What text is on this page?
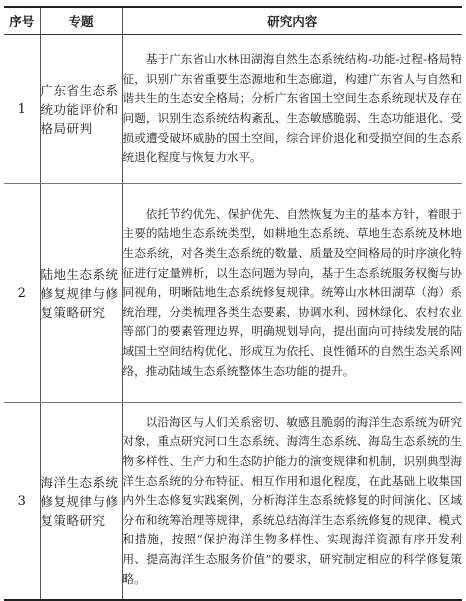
序号	专题	研究内容
1	广东省生态系统功能评价和格局研判	基于广东省山水林田湖海自然生态系统结构-功能-过程-格局特征，识别广东省重要生态源地和生态廊道，构建广东省人与自然和谐共生的生态安全格局；分析广东省国土空间生态系统现状及存在问题，识别生态系统结构紊乱、生态敏感脆弱、生态功能退化、受损或遭受破坏威胁的国土空间，综合评价退化和受损空间的生态系统退化程度与恢复力水平。
2	陆地生态系统修复规律与修复策略研究	依托节约优先、保护优先、自然恢复为主的基本方针，着眼于主要的陆地生态系统类型，如耕地生态系统、草地生态系统及林地生态系统，对各类生态系统的数量、质量及空间格局的时序演化特征进行定量辨析，以生态问题为导向，基于生态系统服务权衡与协同视角，明晰陆地生态系统修复规律。统筹山水林田湖草（海）系统治理，分类梳理各类生态要素，协调水利、园林绿化、农村农业等部门的要素管理边界，明确规划导向，提出面向可持续发展的陆域国土空间结构优化、形成互为依托、良性循环的自然生态关系网络，推动陆域生态系统整体生态功能的提升。
3	海洋生态系统修复规律与修复策略研究	以沿海区与人们关系密切、敏感且脆弱的海洋生态系统为研究对象，重点研究河口生态系统、海湾生态系统、海岛生态系统的生物多样性、生产力和生态防护能力的演变规律和机制，识别典型海洋生态系统的分布特征、相互作用和退化程度，在此基础上收集国内外生态修复实践案例，分析海洋生态系统修复的时间演化、区域分布和统筹治理等规律，系统总结海洋生态系统修复的规律、模式和措施，按照“保护海洋生物多样性、实现海洋资源有序开发利用、提高海洋生态服务价值”的要求，研究制定相应的科学修复策略。
